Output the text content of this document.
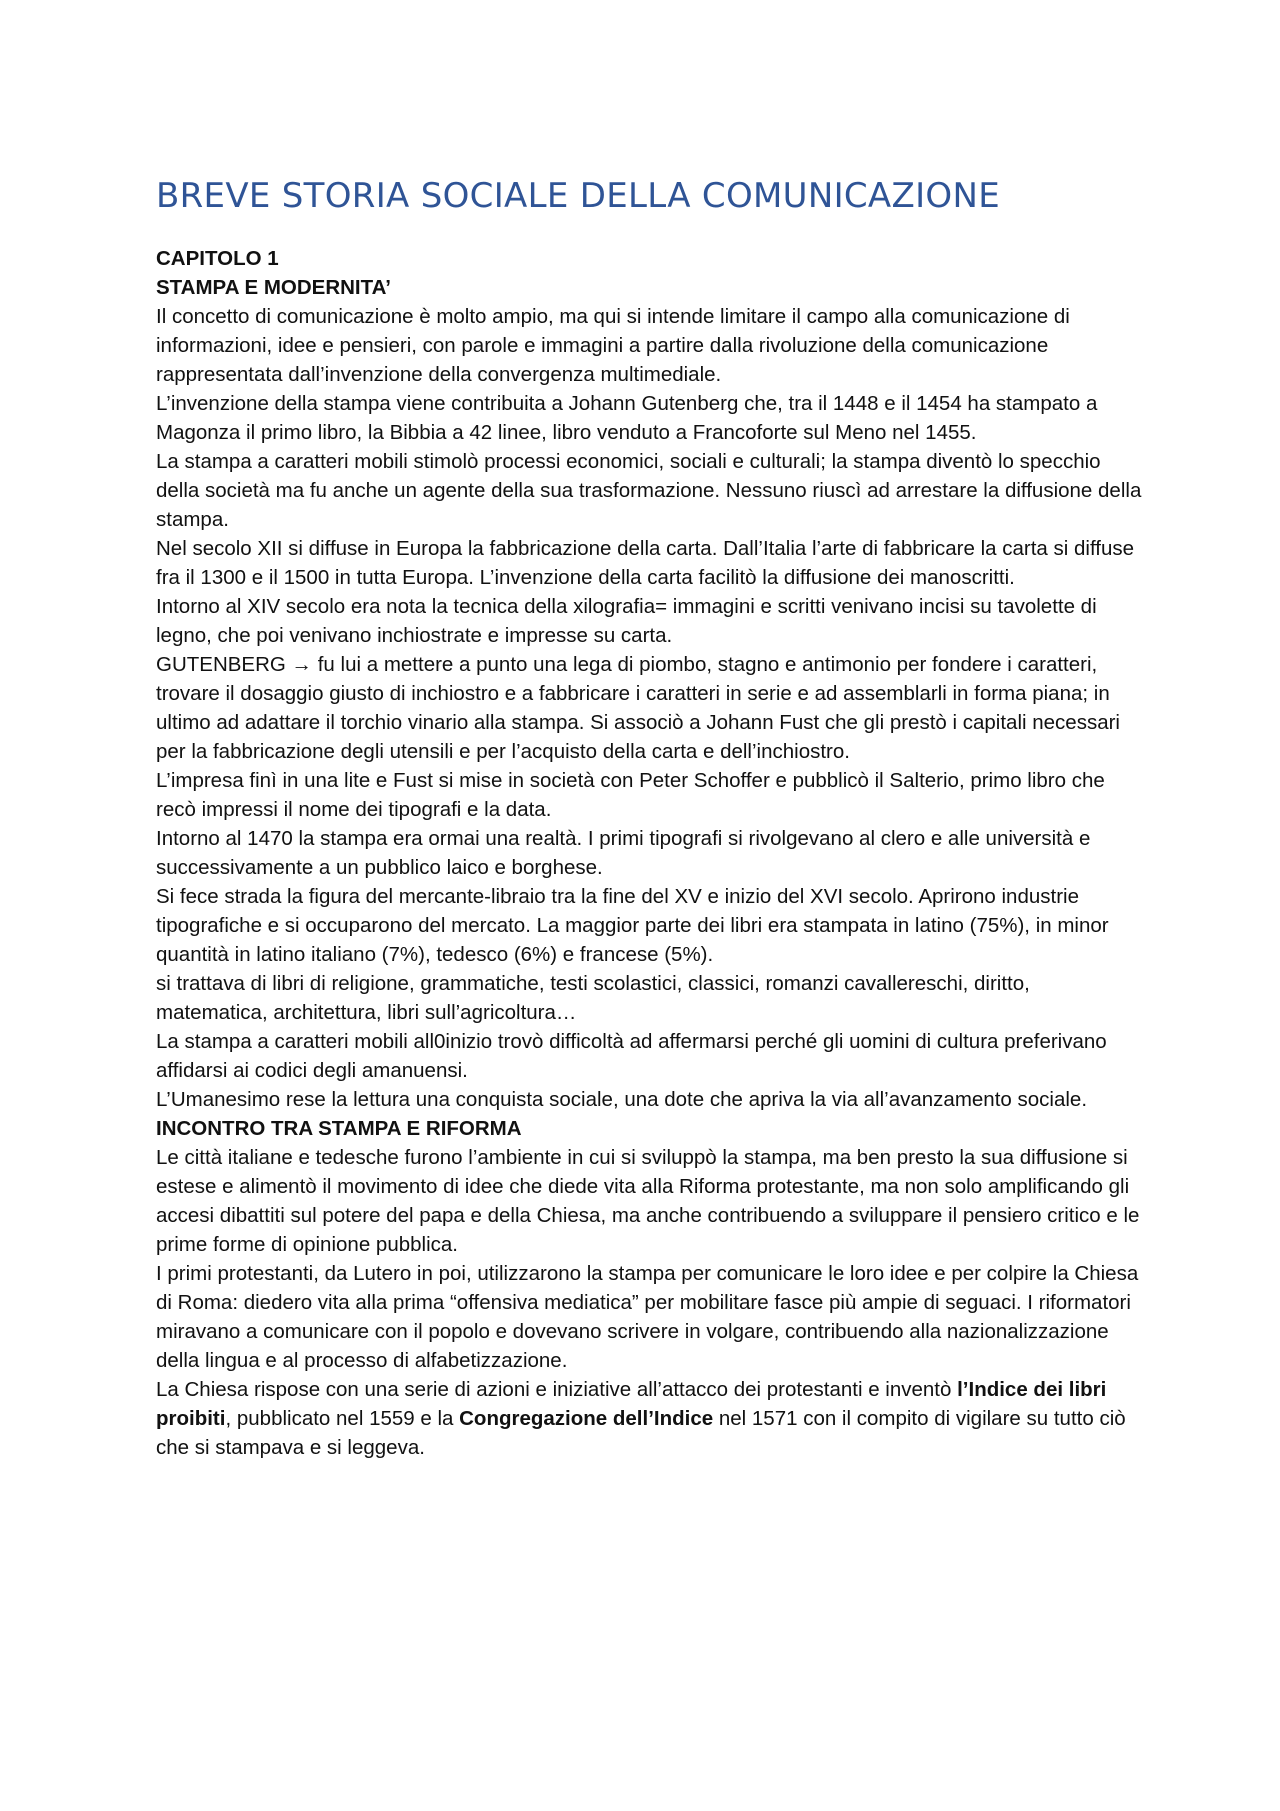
BREVE STORIA SOCIALE DELLA COMUNICAZIONE

CAPITOLO 1

STAMPA E MODERNITA’

Il concetto di comunicazione è molto ampio, ma qui si intende limitare il campo alla comunicazione di informazioni, idee e pensieri, con parole e immagini a partire dalla rivoluzione della comunicazione rappresentata dall’invenzione della convergenza multimediale.

L’invenzione della stampa viene contribuita a Johann Gutenberg che, tra il 1448 e il 1454 ha stampato a Magonza il primo libro, la Bibbia a 42 linee, libro venduto a Francoforte sul Meno nel 1455.

La stampa a caratteri mobili stimolò processi economici, sociali e culturali; la stampa diventò lo specchio della società ma fu anche un agente della sua trasformazione. Nessuno riuscì ad arrestare la diffusione della stampa.

Nel secolo XII si diffuse in Europa la fabbricazione della carta. Dall’Italia l’arte di fabbricare la carta si diffuse fra il 1300 e il 1500 in tutta Europa. L’invenzione della carta facilitò la diffusione dei manoscritti.

Intorno al XIV secolo era nota la tecnica della xilografia= immagini e scritti venivano incisi su tavolette di legno, che poi venivano inchiostrate e impresse su carta.

GUTENBERG → fu lui a mettere a punto una lega di piombo, stagno e antimonio per fondere i caratteri, trovare il dosaggio giusto di inchiostro e a fabbricare i caratteri in serie e ad assemblarli in forma piana; in ultimo ad adattare il torchio vinario alla stampa. Si associò a Johann Fust che gli prestò i capitali necessari per la fabbricazione degli utensili e per l’acquisto della carta e dell’inchiostro.

L’impresa finì in una lite e Fust si mise in società con Peter Schoffer e pubblicò il Salterio, primo libro che recò impressi il nome dei tipografi e la data.

Intorno al 1470 la stampa era ormai una realtà. I primi tipografi si rivolgevano al clero e alle università e successivamente a un pubblico laico e borghese.

Si fece strada la figura del mercante-libraio tra la fine del XV e inizio del XVI secolo. Aprirono industrie tipografiche e si occuparono del mercato. La maggior parte dei libri era stampata in latino (75%), in minor quantità in latino italiano (7%), tedesco (6%) e francese (5%).

si trattava di libri di religione, grammatiche, testi scolastici, classici, romanzi cavallereschi, diritto, matematica, architettura, libri sull’agricoltura…

La stampa a caratteri mobili all0inizio trovò difficoltà ad affermarsi perché gli uomini di cultura preferivano affidarsi ai codici degli amanuensi.

L’Umanesimo rese la lettura una conquista sociale, una dote che apriva la via all’avanzamento sociale.

INCONTRO TRA STAMPA E RIFORMA

Le città italiane e tedesche furono l’ambiente in cui si sviluppò la stampa, ma ben presto la sua diffusione si estese e alimentò il movimento di idee che diede vita alla Riforma protestante, ma non solo amplificando gli accesi dibattiti sul potere del papa e della Chiesa, ma anche contribuendo a sviluppare il pensiero critico e le prime forme di opinione pubblica.

I primi protestanti, da Lutero in poi, utilizzarono la stampa per comunicare le loro idee e per colpire la Chiesa di Roma: diedero vita alla prima “offensiva mediatica” per mobilitare fasce più ampie di seguaci. I riformatori miravano a comunicare con il popolo e dovevano scrivere in volgare, contribuendo alla nazionalizzazione della lingua e al processo di alfabetizzazione.

La Chiesa rispose con una serie di azioni e iniziative all’attacco dei protestanti e inventò l’Indice dei libri proibiti, pubblicato nel 1559 e la Congregazione dell’Indice nel 1571 con il compito di vigilare su tutto ciò che si stampava e si leggeva.
